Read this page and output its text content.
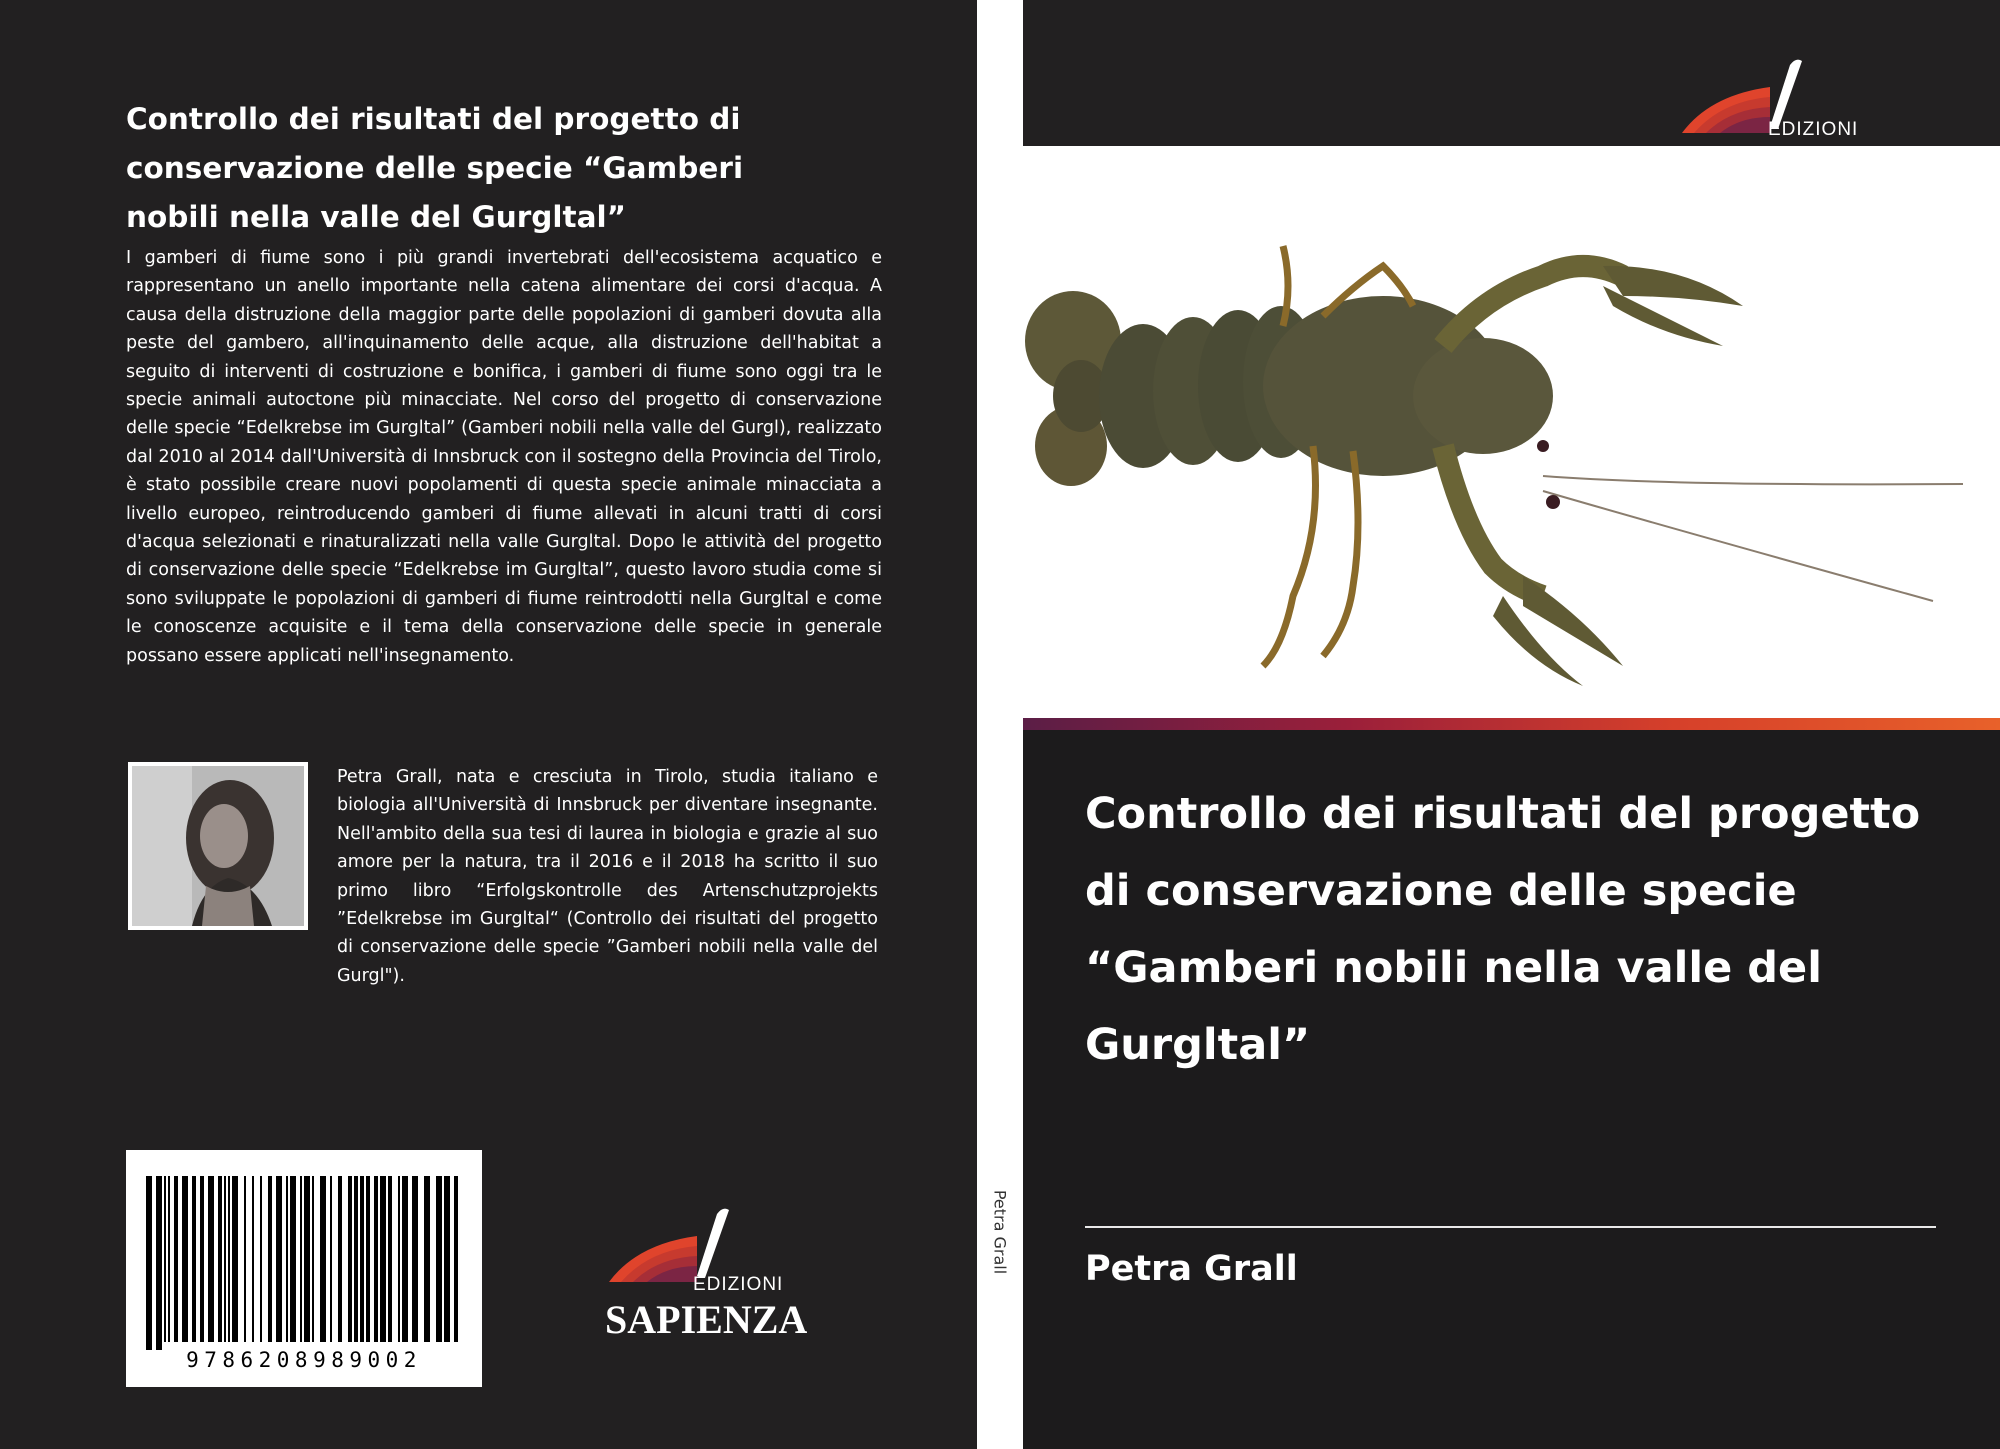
Controllo dei risultati del progetto di conservazione delle specie “Gamberi nobili nella valle del Gurgltal”

I gamberi di fiume sono i più grandi invertebrati dell'ecosistema acquatico e rappresentano un anello importante nella catena alimentare dei corsi d'acqua. A causa della distruzione della maggior parte delle popolazioni di gamberi dovuta alla peste del gambero, all'inquinamento delle acque, alla distruzione dell'habitat a seguito di interventi di costruzione e bonifica, i gamberi di fiume sono oggi tra le specie animali autoctone più minacciate. Nel corso del progetto di conservazione delle specie “Edelkrebse im Gurgltal” (Gamberi nobili nella valle del Gurgl), realizzato dal 2010 al 2014 dall'Università di Innsbruck con il sostegno della Provincia del Tirolo, è stato possibile creare nuovi popolamenti di questa specie animale minacciata a livello europeo, reintroducendo gamberi di fiume allevati in alcuni tratti di corsi d'acqua selezionati e rinaturalizzati nella valle Gurgltal. Dopo le attività del progetto di conservazione delle specie “Edelkrebse im Gurgltal”, questo lavoro studia come si sono sviluppate le popolazioni di gamberi di fiume reintrodotti nella Gurgltal e come le conoscenze acquisite e il tema della conservazione delle specie in generale possano essere applicati nell'insegnamento.

Petra Grall, nata e cresciuta in Tirolo, studia italiano e biologia all'Università di Innsbruck per diventare insegnante. Nell'ambito della sua tesi di laurea in biologia e grazie al suo amore per la natura, tra il 2016 e il 2018 ha scritto il suo primo libro “Erfolgskontrolle des Artenschutzprojekts ”Edelkrebse im Gurgltal“ (Controllo dei risultati del progetto di conservazione delle specie ”Gamberi nobili nella valle del Gurgl").

9786208989002
EDIZIONI
SAPIENZA
Petra Grall
EDIZIONI
Controllo dei risultati del progetto di conservazione delle specie “Gamberi nobili nella valle del Gurgltal”
Petra Grall
